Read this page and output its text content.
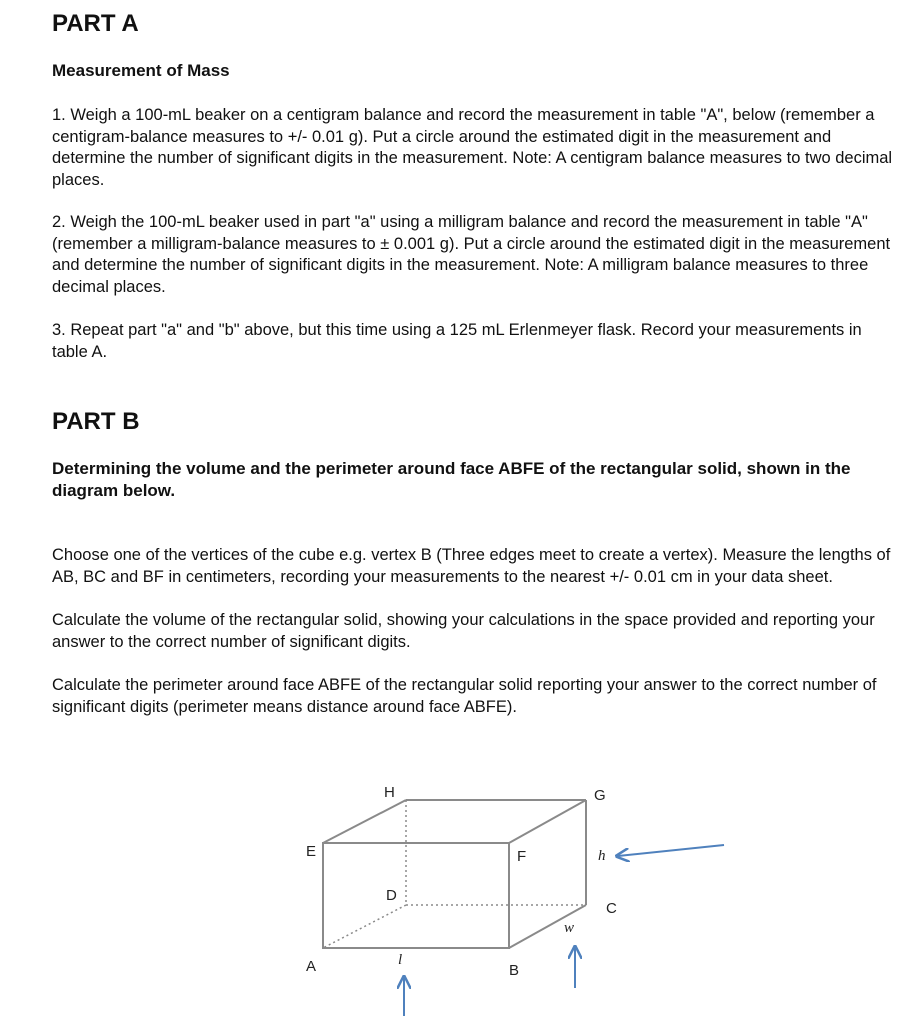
PART A
Measurement of Mass
1. Weigh a 100-mL beaker on a centigram balance and record the measurement in table "A", below (remember a centigram-balance measures to +/- 0.01 g). Put a circle around the estimated digit in the measurement and determine the number of significant digits in the measurement. Note: A centigram balance measures to two decimal places.
2. Weigh the 100-mL beaker used in part "a" using a milligram balance and record the measurement in table "A" (remember a milligram-balance measures to ± 0.001 g). Put a circle around the estimated digit in the measurement and determine the number of significant digits in the measurement. Note: A milligram balance measures to three decimal places.
3. Repeat part "a" and "b" above, but this time using a 125 mL Erlenmeyer flask. Record your measurements in table A.
PART B
Determining the volume and the perimeter around face ABFE of the rectangular solid, shown in the diagram below.
Choose one of the vertices of the cube e.g. vertex B (Three edges meet to create a vertex). Measure the lengths of AB, BC and BF in centimeters, recording your measurements to the nearest +/- 0.01 cm in your data sheet.
Calculate the volume of the rectangular solid, showing your calculations in the space provided and reporting your answer to the correct number of significant digits.
Calculate the perimeter around face ABFE of the rectangular solid reporting your answer to the correct number of significant digits (perimeter means distance around face ABFE).
H	G
E	F
D
C
A	B
h
w
l
